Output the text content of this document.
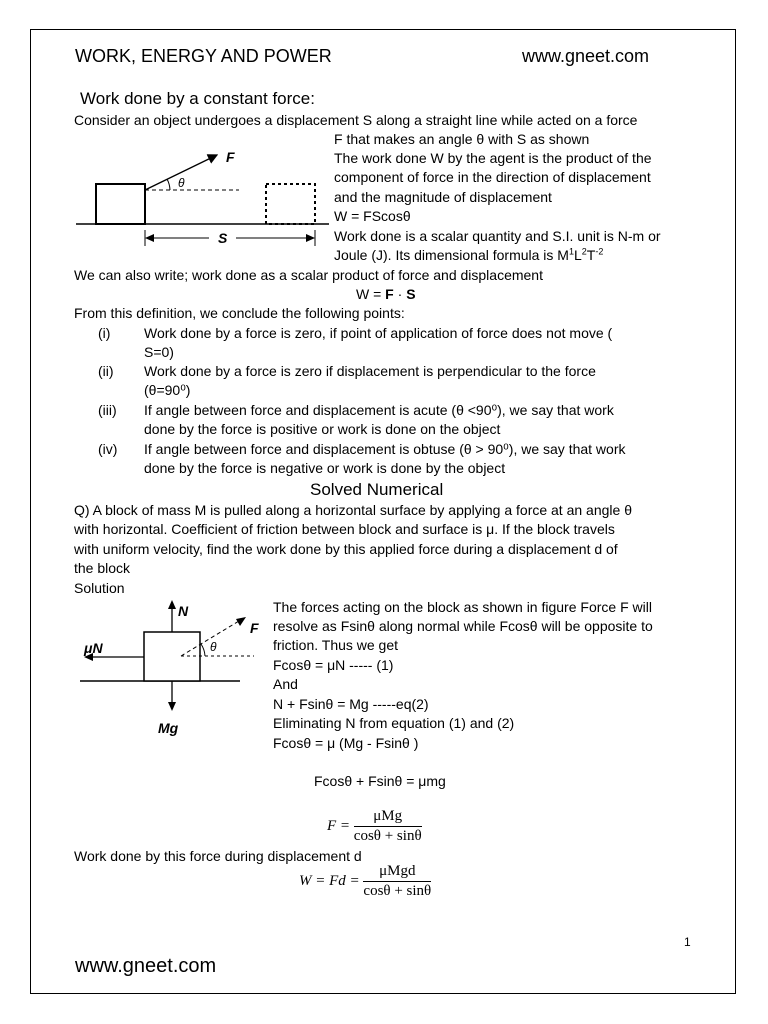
WORK, ENERGY AND POWER	www.gneet.com
Work done by a constant force:
Consider an object undergoes a displacement S along a straight line while acted on a force
F that makes an angle θ with S as shown
F
θ
S
The work done W by the agent is the product of the
component of force in the direction of displacement
and the magnitude of displacement
W = FScosθ
Work done is a scalar quantity and S.I. unit is N-m or
Joule (J). Its dimensional formula is $M^1L^2T^{-2}$
We can also write; work done as a scalar product of force and displacement
W = F · S
From this definition, we conclude the following points:
(i) Work done by a force is zero, if point of application of force does not move (
S=0)
(ii) Work done by a force is zero if displacement is perpendicular to the force
(θ=90⁰)
(iii) If angle between force and displacement is acute (θ <90⁰), we say that work
done by the force is positive or work is done on the object
(iv) If angle between force and displacement is obtuse (θ > 90⁰), we say that work
done by the force is negative or work is done by the object
Solved Numerical
Q) A block of mass M is pulled along a horizontal surface by applying a force at an angle θ
with horizontal. Coefficient of friction between block and surface is μ. If the block travels
with uniform velocity, find the work done by this applied force during a displacement d of
the block
Solution
N
μN	θ
F
Mg
The forces acting on the block as shown in figure Force F will
resolve as Fsinθ along normal while Fcosθ will be opposite to
friction. Thus we get
Fcosθ = μN ----- (1)
And
N + Fsinθ = Mg -----eq(2)
Eliminating N from equation (1) and (2)
Fcosθ = μ (Mg - Fsinθ )
Fcosθ + Fsinθ = μmg
$F = \frac{\text{μMg}}{\cos\theta + \sin\theta}$
Work done by this force during displacement d
$W = Fd = \frac{\text{μMgd}}{\cos\theta + \sin\theta}$
1
www.gneet.com
